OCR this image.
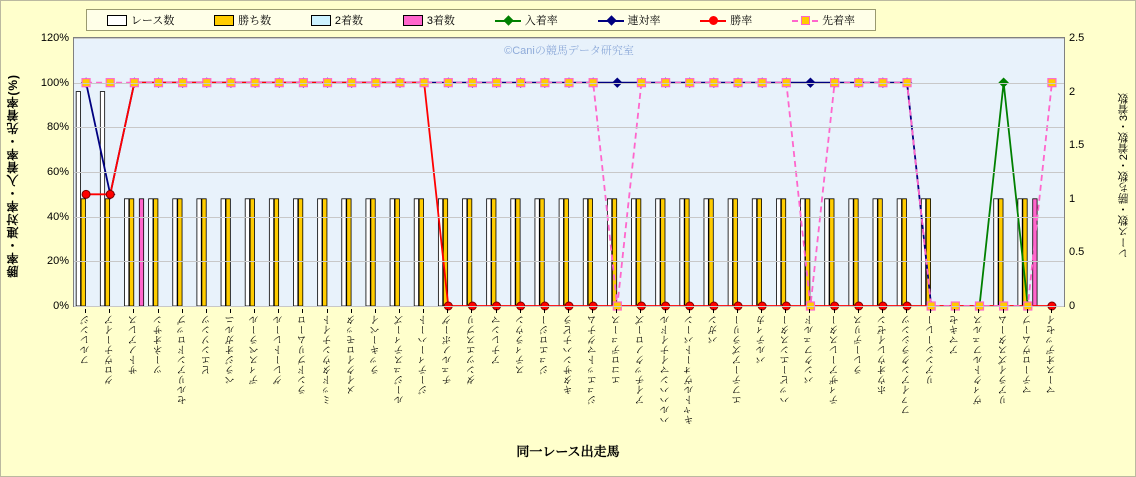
レース数	勝ち数	2着数	3着数	入着率	連対率	勝率	先着率
勝率・連対率・入着率・先着率(%)	レース数・勝ち数・2着数・3着数
©Caniの競馬データ研究室
0%
20%
40%
60%
80%
100%
120%
0
0.5
1
1.5
2
2.5
フルレンジ グロヴナーイア サトノアレス ツーネオサン セルリアンドロップ ビエンソンツ ベラジオガルニ ディスペラール グレートレール ランドプリムーロ ミッドタウンナイト メイクイロモッタ ラッキーベイ ルージュスティーズ ジーティーハート チェルノボーグ ダンツエスプリ アナレンマ スティラウン ジュエロジー キタサンハナビラ ジュエットマグナム エコロデュース アイチックノローズ ハルハハンマイナイドル キャトルヴォートバーン バガン エフテーアズラリー バルティカ ハッピーエンスター バンクフェルド ティザアーレスター ラレーデリス ホウオウレイゼン ファイアンクラシンツ リアンシーレー アマキセ ヴィクトルフェルス リアライズスターム マテーロヴムーブ マースオデッセイ
同一レース出走馬
